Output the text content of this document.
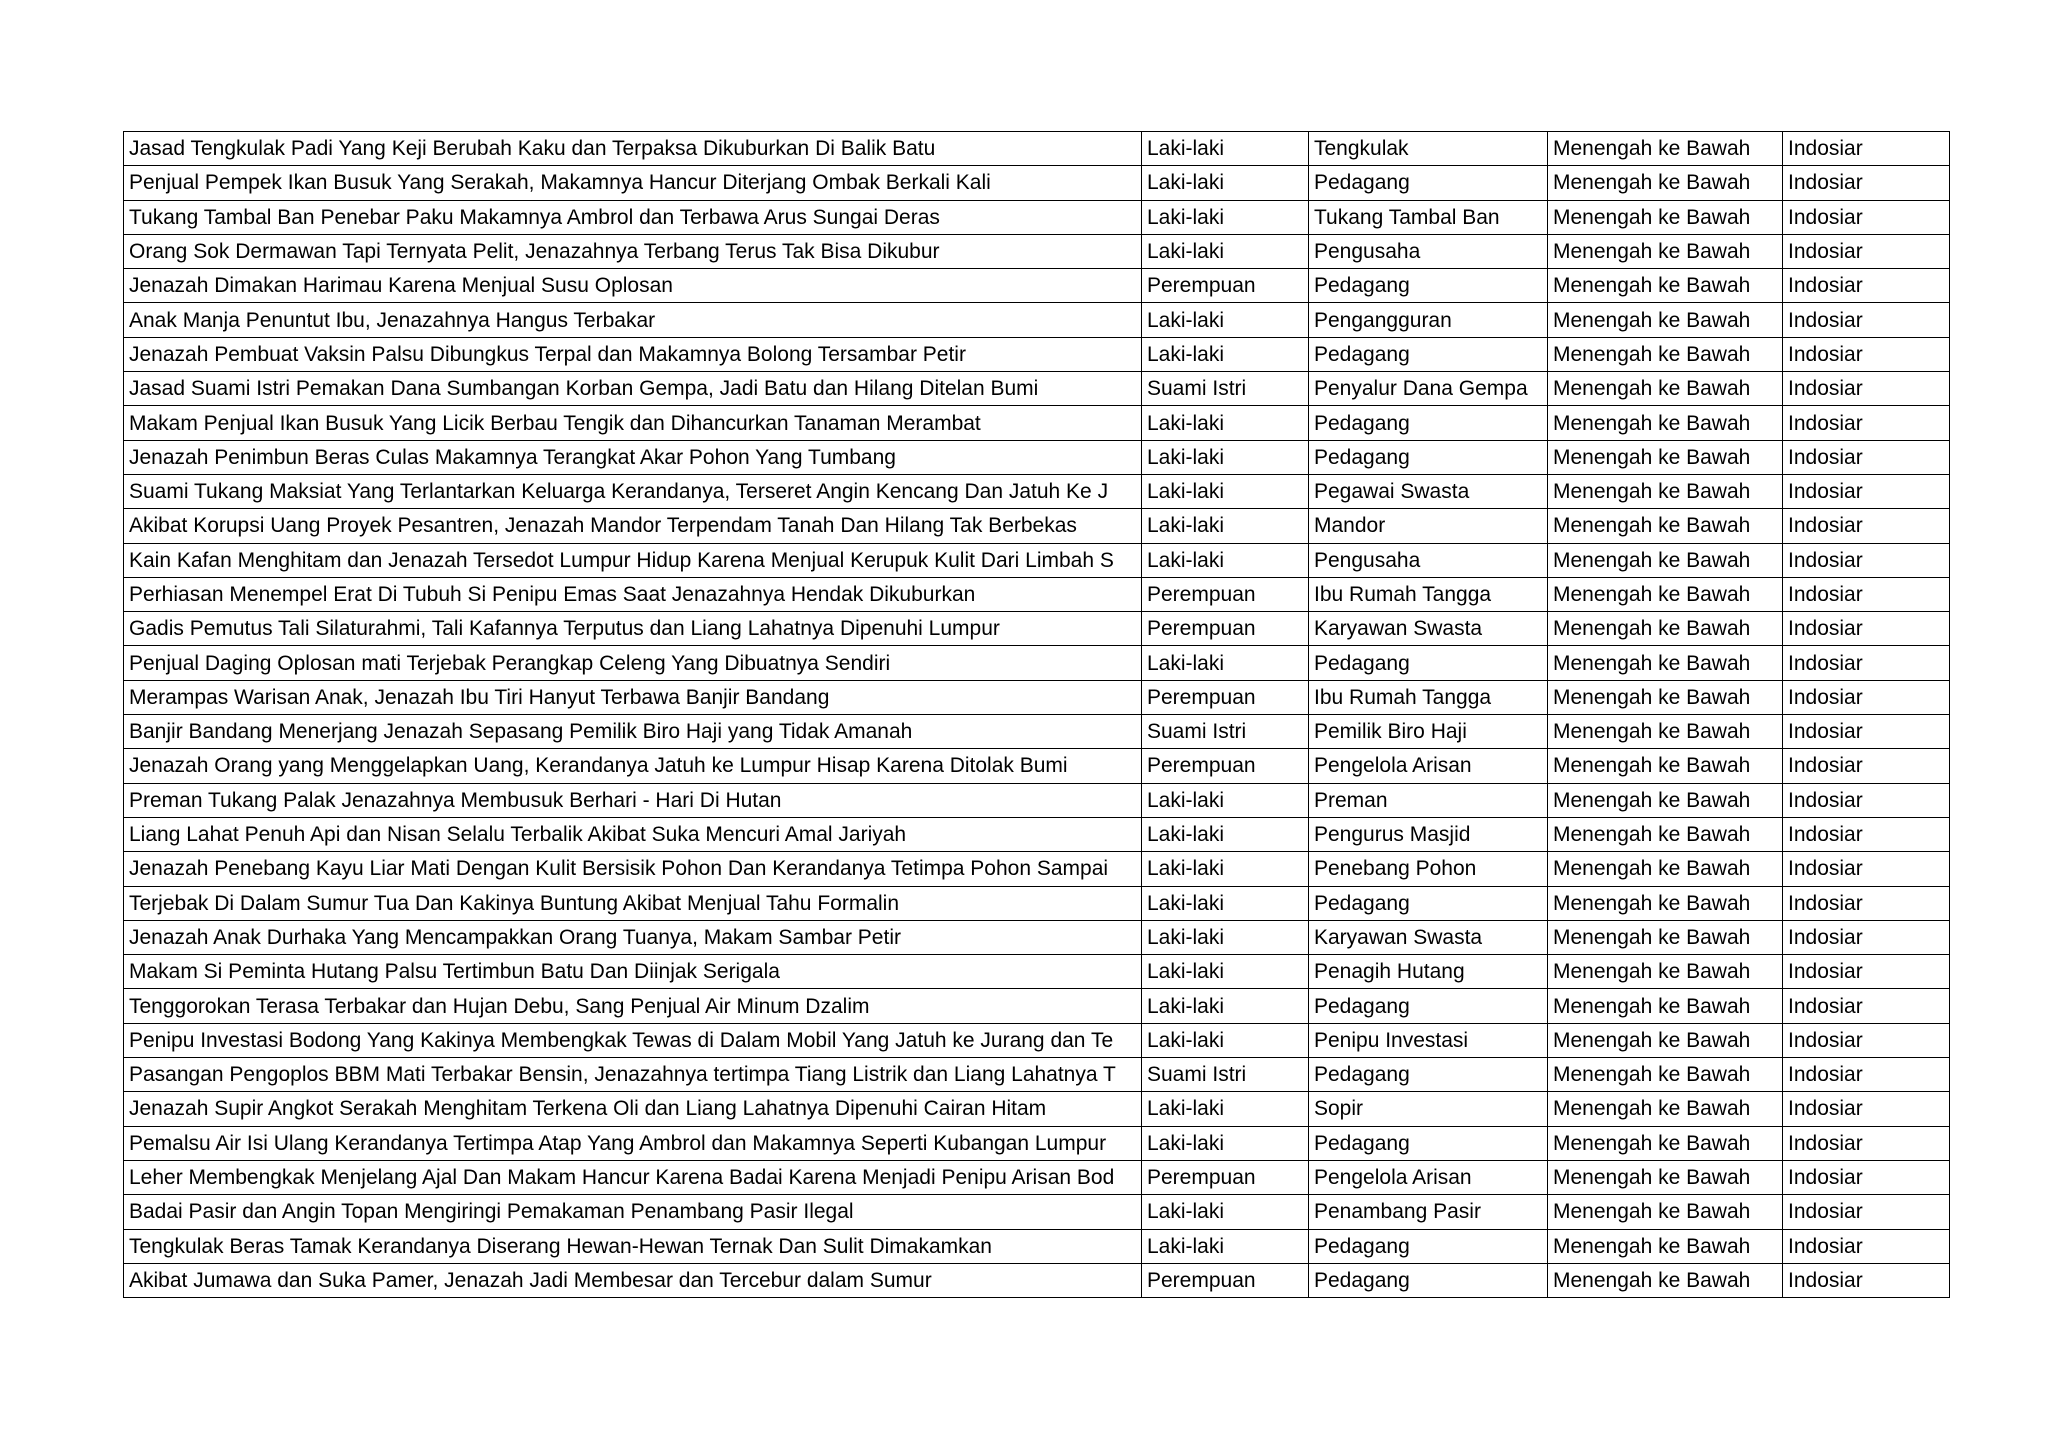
Jasad Tengkulak Padi Yang Keji Berubah Kaku dan Terpaksa Dikuburkan Di Balik Batu	Laki-laki	Tengkulak	Menengah ke Bawah	Indosiar
Penjual Pempek Ikan Busuk Yang Serakah, Makamnya Hancur Diterjang Ombak Berkali Kali	Laki-laki	Pedagang	Menengah ke Bawah	Indosiar
Tukang Tambal Ban Penebar Paku Makamnya Ambrol dan Terbawa Arus Sungai Deras	Laki-laki	Tukang Tambal Ban	Menengah ke Bawah	Indosiar
Orang Sok Dermawan Tapi Ternyata Pelit, Jenazahnya Terbang Terus Tak Bisa Dikubur	Laki-laki	Pengusaha	Menengah ke Bawah	Indosiar
Jenazah Dimakan Harimau Karena Menjual Susu Oplosan	Perempuan	Pedagang	Menengah ke Bawah	Indosiar
Anak Manja Penuntut Ibu, Jenazahnya Hangus Terbakar	Laki-laki	Pengangguran	Menengah ke Bawah	Indosiar
Jenazah Pembuat Vaksin Palsu Dibungkus Terpal dan Makamnya Bolong Tersambar Petir	Laki-laki	Pedagang	Menengah ke Bawah	Indosiar
Jasad Suami Istri Pemakan Dana Sumbangan Korban Gempa, Jadi Batu dan Hilang Ditelan Bumi	Suami Istri	Penyalur Dana Gempa	Menengah ke Bawah	Indosiar
Makam Penjual Ikan Busuk Yang Licik Berbau Tengik dan Dihancurkan Tanaman Merambat	Laki-laki	Pedagang	Menengah ke Bawah	Indosiar
Jenazah Penimbun Beras Culas Makamnya Terangkat Akar Pohon Yang Tumbang	Laki-laki	Pedagang	Menengah ke Bawah	Indosiar
Suami Tukang Maksiat Yang Terlantarkan Keluarga Kerandanya, Terseret Angin Kencang Dan Jatuh Ke J	Laki-laki	Pegawai Swasta	Menengah ke Bawah	Indosiar
Akibat Korupsi Uang Proyek Pesantren, Jenazah Mandor Terpendam Tanah Dan Hilang Tak Berbekas	Laki-laki	Mandor	Menengah ke Bawah	Indosiar
Kain Kafan Menghitam dan Jenazah Tersedot Lumpur Hidup Karena Menjual Kerupuk Kulit Dari Limbah S	Laki-laki	Pengusaha	Menengah ke Bawah	Indosiar
Perhiasan Menempel Erat Di Tubuh Si Penipu Emas Saat Jenazahnya Hendak Dikuburkan	Perempuan	Ibu Rumah Tangga	Menengah ke Bawah	Indosiar
Gadis Pemutus Tali Silaturahmi, Tali Kafannya Terputus dan Liang Lahatnya Dipenuhi Lumpur	Perempuan	Karyawan Swasta	Menengah ke Bawah	Indosiar
Penjual Daging Oplosan mati Terjebak Perangkap Celeng Yang Dibuatnya Sendiri	Laki-laki	Pedagang	Menengah ke Bawah	Indosiar
Merampas Warisan Anak, Jenazah Ibu Tiri Hanyut Terbawa Banjir Bandang	Perempuan	Ibu Rumah Tangga	Menengah ke Bawah	Indosiar
Banjir Bandang Menerjang Jenazah Sepasang Pemilik Biro Haji yang Tidak Amanah	Suami Istri	Pemilik Biro Haji	Menengah ke Bawah	Indosiar
Jenazah Orang yang Menggelapkan Uang, Kerandanya Jatuh ke Lumpur Hisap Karena Ditolak Bumi	Perempuan	Pengelola Arisan	Menengah ke Bawah	Indosiar
Preman Tukang Palak Jenazahnya Membusuk Berhari - Hari Di Hutan	Laki-laki	Preman	Menengah ke Bawah	Indosiar
Liang Lahat Penuh Api dan Nisan Selalu Terbalik Akibat Suka Mencuri Amal Jariyah	Laki-laki	Pengurus Masjid	Menengah ke Bawah	Indosiar
Jenazah Penebang Kayu Liar Mati Dengan Kulit Bersisik Pohon Dan Kerandanya Tetimpa Pohon Sampai	Laki-laki	Penebang Pohon	Menengah ke Bawah	Indosiar
Terjebak Di Dalam Sumur Tua Dan Kakinya Buntung Akibat Menjual Tahu Formalin	Laki-laki	Pedagang	Menengah ke Bawah	Indosiar
Jenazah Anak Durhaka Yang Mencampakkan Orang Tuanya, Makam Sambar Petir	Laki-laki	Karyawan Swasta	Menengah ke Bawah	Indosiar
Makam Si Peminta Hutang Palsu Tertimbun Batu Dan Diinjak Serigala	Laki-laki	Penagih Hutang	Menengah ke Bawah	Indosiar
Tenggorokan Terasa Terbakar dan Hujan Debu, Sang Penjual Air Minum Dzalim	Laki-laki	Pedagang	Menengah ke Bawah	Indosiar
Penipu Investasi Bodong Yang Kakinya Membengkak Tewas di Dalam Mobil Yang Jatuh ke Jurang dan Te	Laki-laki	Penipu Investasi	Menengah ke Bawah	Indosiar
Pasangan Pengoplos BBM Mati Terbakar Bensin, Jenazahnya tertimpa Tiang Listrik dan Liang Lahatnya T	Suami Istri	Pedagang	Menengah ke Bawah	Indosiar
Jenazah Supir Angkot Serakah Menghitam Terkena Oli dan Liang Lahatnya Dipenuhi Cairan Hitam	Laki-laki	Sopir	Menengah ke Bawah	Indosiar
Pemalsu Air Isi Ulang Kerandanya Tertimpa Atap Yang Ambrol dan Makamnya Seperti Kubangan Lumpur	Laki-laki	Pedagang	Menengah ke Bawah	Indosiar
Leher Membengkak Menjelang Ajal Dan Makam Hancur Karena Badai Karena Menjadi Penipu Arisan Bod	Perempuan	Pengelola Arisan	Menengah ke Bawah	Indosiar
Badai Pasir dan Angin Topan Mengiringi Pemakaman Penambang Pasir Ilegal	Laki-laki	Penambang Pasir	Menengah ke Bawah	Indosiar
Tengkulak Beras Tamak Kerandanya Diserang Hewan-Hewan Ternak Dan Sulit Dimakamkan	Laki-laki	Pedagang	Menengah ke Bawah	Indosiar
Akibat Jumawa dan Suka Pamer, Jenazah Jadi Membesar dan Tercebur dalam Sumur	Perempuan	Pedagang	Menengah ke Bawah	Indosiar
